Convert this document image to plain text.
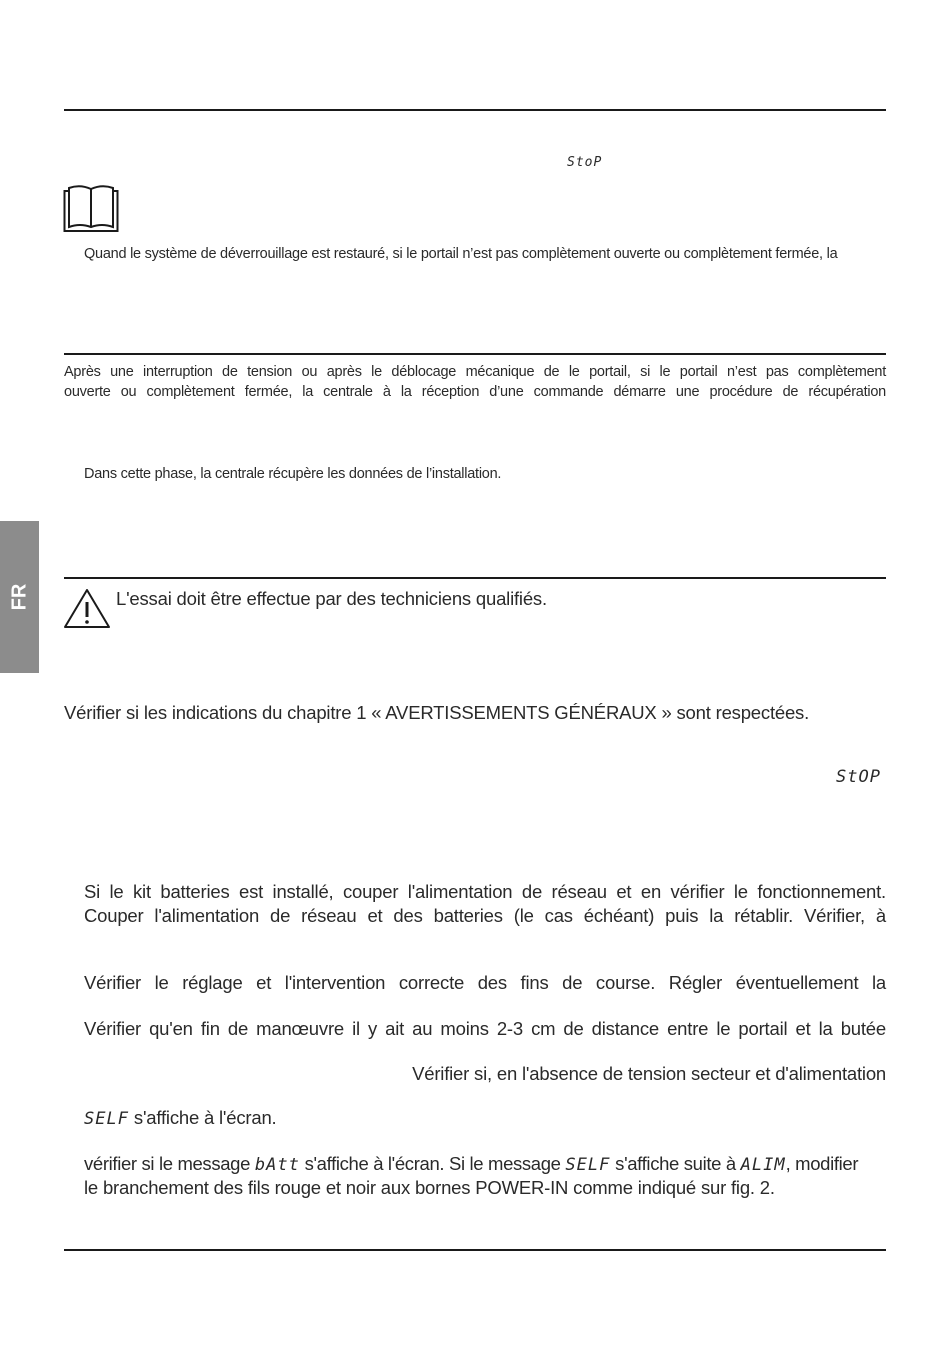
FR
StoP
Quand le système de déverrouillage est restauré, si le portail n’est pas complètement ouverte ou complètement fermée, la
Après une interruption de tension ou après le déblocage mécanique de le portail, si le portail n’est pas complètement
ouverte ou complètement fermée, la centrale à la réception d’une commande démarre une procédure de récupération
Dans cette phase, la centrale récupère les données de l’installation.
L'essai doit être effectue par des techniciens qualifiés.
Vérifier si les indications du chapitre 1 « AVERTISSEMENTS GÉNÉRAUX » sont respectées.
StOP
Si le kit batteries est installé, couper l'alimentation de réseau et en vérifier le fonctionnement.
Couper l'alimentation de réseau et des batteries (le cas échéant) puis la rétablir. Vérifier, à
Vérifier le réglage et l'intervention correcte des fins de course. Régler éventuellement la
Vérifier qu'en fin de manœuvre il y ait au moins 2-3 cm de distance entre le portail et la butée
Vérifier si, en l'absence de tension secteur et d'alimentation
SELF s'affiche à l'écran.
vérifier si le message bAtt s'affiche à l'écran. Si le message SELF s'affiche suite à ALIM, modifier
le branchement des fils rouge et noir aux bornes POWER-IN comme indiqué sur fig. 2.
